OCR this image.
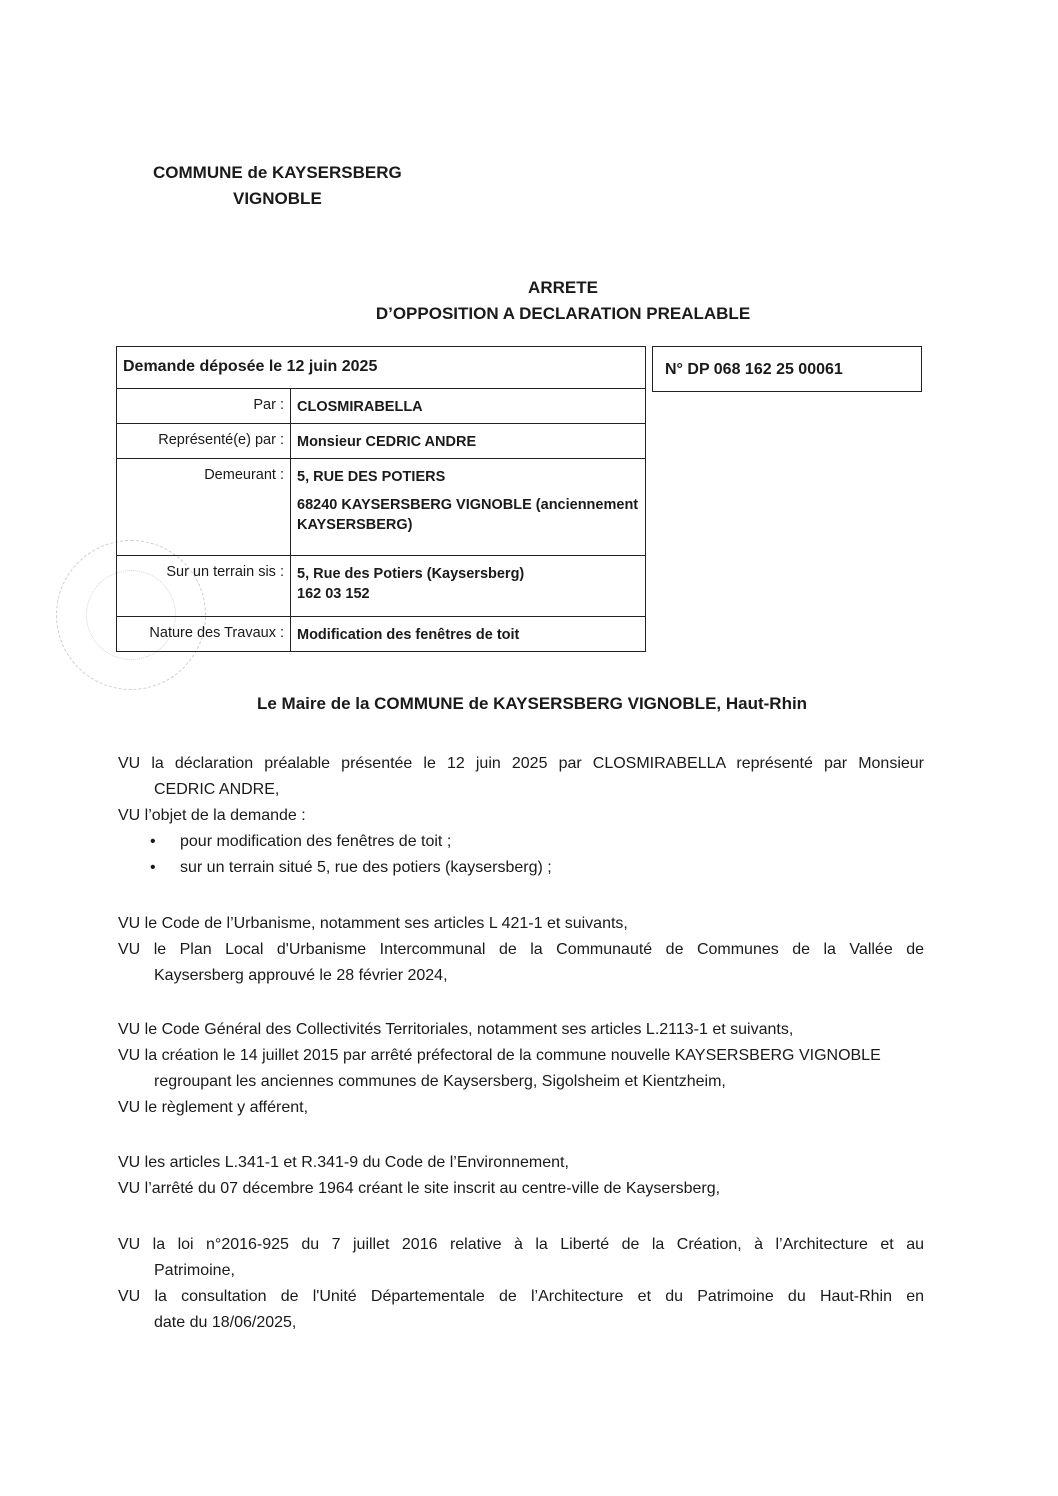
COMMUNE de KAYSERSBERG
VIGNOBLE
ARRETE
D’OPPOSITION A DECLARATION PREALABLE
Demande déposée le 12 juin 2025	
Par :	CLOSMIRABELLA
Représenté(e) par :	Monsieur CEDRIC ANDRE
Demeurant :	5, RUE DES POTIERS
68240 KAYSERSBERG VIGNOBLE (anciennement KAYSERSBERG)

Sur un terrain sis :	5, Rue des Potiers (Kaysersberg)
162 03 152

Nature des Travaux :	Modification des fenêtres de toit
N° DP 068 162 25 00061
Le Maire de la COMMUNE de KAYSERSBERG VIGNOBLE, Haut-Rhin
VU la déclaration préalable présentée le 12 juin 2025 par CLOSMIRABELLA représenté par Monsieur
CEDRIC ANDRE,
VU l’objet de la demande :
• pour modification des fenêtres de toit ;
• sur un terrain situé 5, rue des potiers (kaysersberg) ;
VU le Code de l’Urbanisme, notamment ses articles L 421-1 et suivants,
VU le Plan Local d'Urbanisme Intercommunal de la Communauté de Communes de la Vallée de
Kaysersberg approuvé le 28 février 2024,
VU le Code Général des Collectivités Territoriales, notamment ses articles L.2113-1 et suivants,
VU la création le 14 juillet 2015 par arrêté préfectoral de la commune nouvelle KAYSERSBERG VIGNOBLE
regroupant les anciennes communes de Kaysersberg, Sigolsheim et Kientzheim,
VU le règlement y afférent,
VU les articles L.341-1 et R.341-9 du Code de l’Environnement,
VU l’arrêté du 07 décembre 1964 créant le site inscrit au centre-ville de Kaysersberg,
VU la loi n°2016-925 du 7 juillet 2016 relative à la Liberté de la Création, à l’Architecture et au
Patrimoine,
VU la consultation de l'Unité Départementale de l’Architecture et du Patrimoine du Haut-Rhin en
date du 18/06/2025,
